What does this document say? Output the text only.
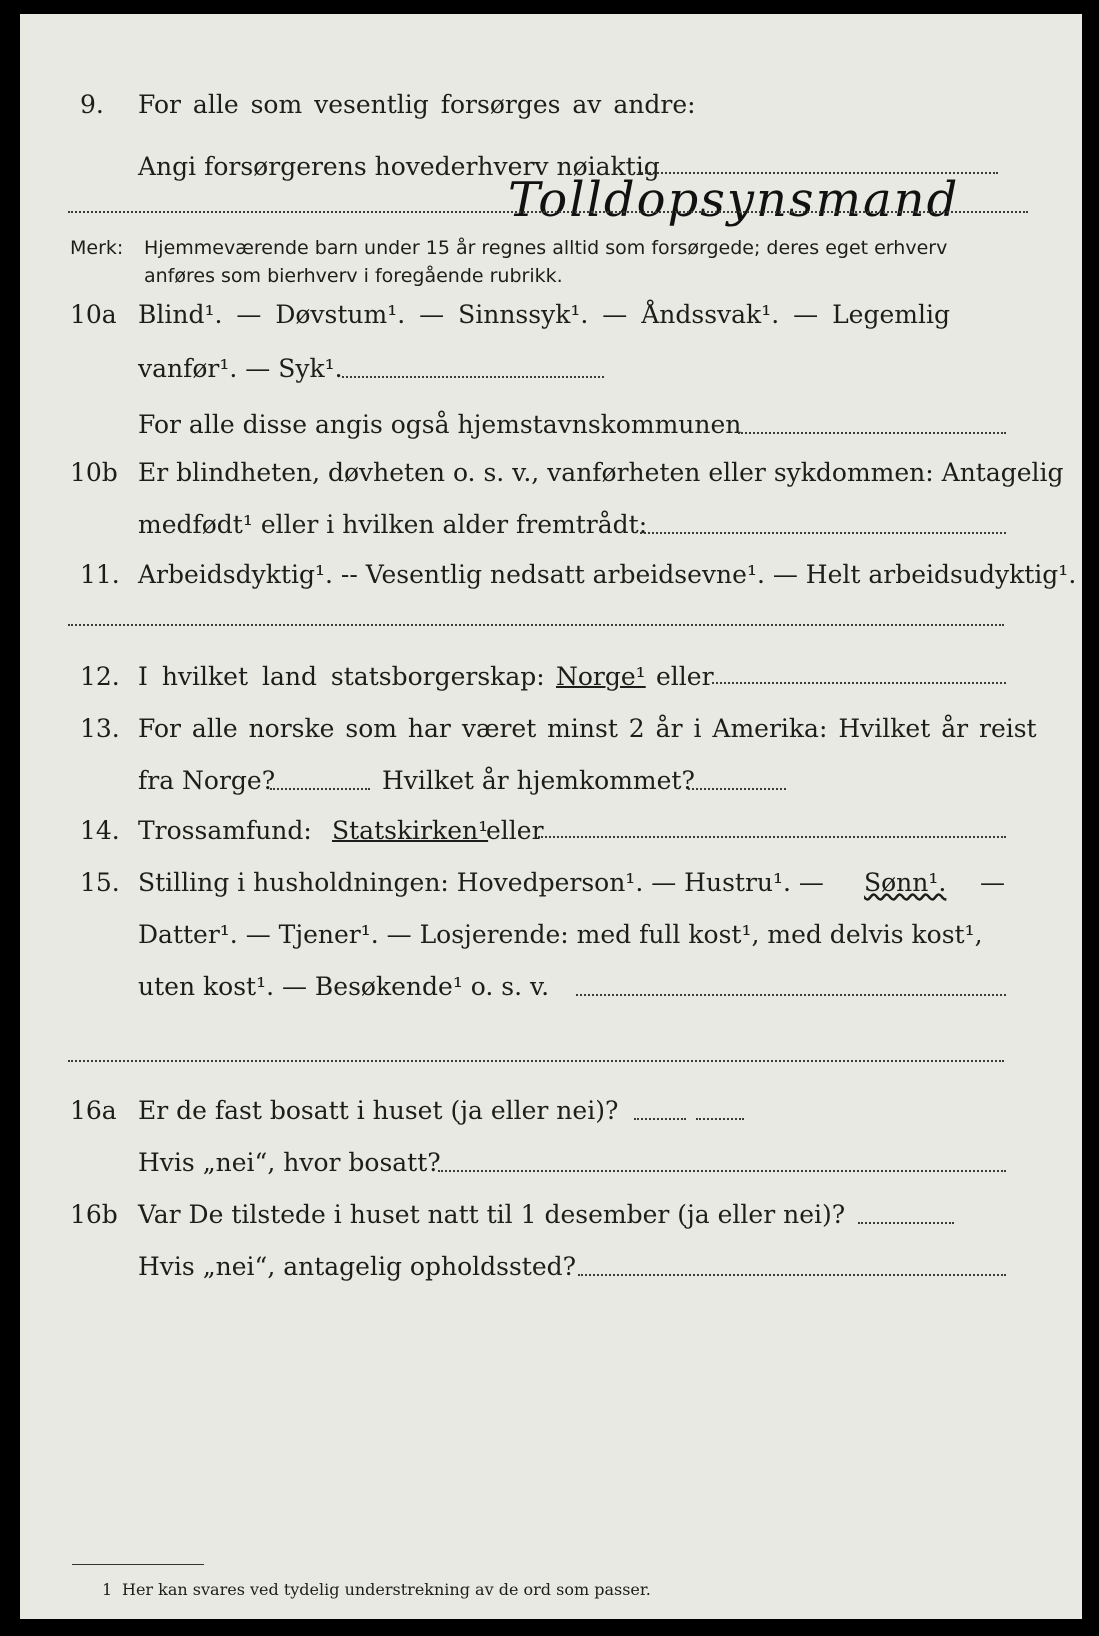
9. For alle som vesentlig forsørges av andre:
Angi forsørgerens hovederhverv nøiaktig
Tolldopsynsmand
Merk: Hjemmeværende barn under 15 år regnes alltid som forsørgede; deres eget erhverv
anføres som bierhverv i foregående rubrikk.
10a Blind¹. — Døvstum¹. — Sinnssyk¹. — Åndssvak¹. — Legemlig
vanfør¹. — Syk¹.
For alle disse angis også hjemstavnskommunen
10b Er blindheten, døvheten o. s. v., vanførheten eller sykdommen: Antagelig
medfødt¹ eller i hvilken alder fremtrådt:
11. Arbeidsdyktig¹. -- Vesentlig nedsatt arbeidsevne¹. — Helt arbeidsudyktig¹.
12. I hvilket land statsborgerskap: Norge¹ eller
13. For alle norske som har været minst 2 år i Amerika: Hvilket år reist
fra Norge?	Hvilket år hjemkommet?
14. Trossamfund: Statskirken¹
eller
15. Stilling i husholdningen: Hovedperson¹. — Hustru¹. — Sønn¹. —
Datter¹. — Tjener¹. — Losjerende: med full kost¹, med delvis kost¹,
uten kost¹. — Besøkende¹ o. s. v.
16a Er de fast bosatt i huset (ja eller nei)?
Hvis „nei“, hvor bosatt?
16b Var De tilstede i huset natt til 1 desember (ja eller nei)?
Hvis „nei“, antagelig opholdssted?
1 Her kan svares ved tydelig understrekning av de ord som passer.
